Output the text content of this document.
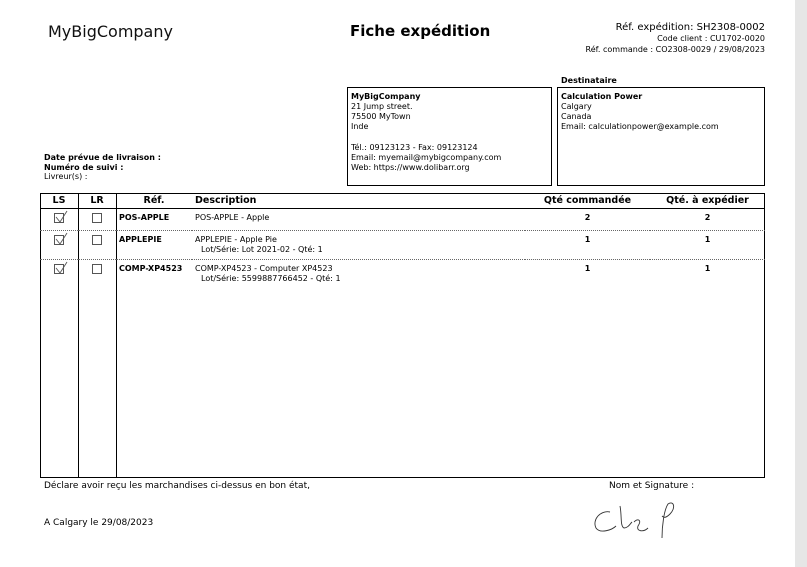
MyBigCompany	Fiche expédition	Réf. expédition: SH2308-0002
Code client : CU1702-0020
Réf. commande : CO2308-0029 / 29/08/2023
MyBigCompany
21 Jump street.
75500 MyTown
Inde
Tél.: 09123123 - Fax: 09123124
Email: myemail@mybigcompany.com
Web: https://www.dolibarr.org
Destinataire
Calculation Power
Calgary
Canada
Email: calculationpower@example.com
Date prévue de livraison :
Numéro de suivi :
Livreur(s) :
LS	LR	Réf.	Description	Qté commandée	Qté. à expédier

		POS-APPLE	POS-APPLE - Apple	2	2

		APPLEPIE	APPLEPIE - Apple Pie
Lot/Série: Lot 2021-02 - Qté: 1	1	1

		COMP-XP4523	COMP-XP4523 - Computer XP4523
Lot/Série: 5599887766452 - Qté: 1	1	1
Déclare avoir reçu les marchandises ci-dessus en bon état,	Nom et Signature :
A Calgary le 29/08/2023
